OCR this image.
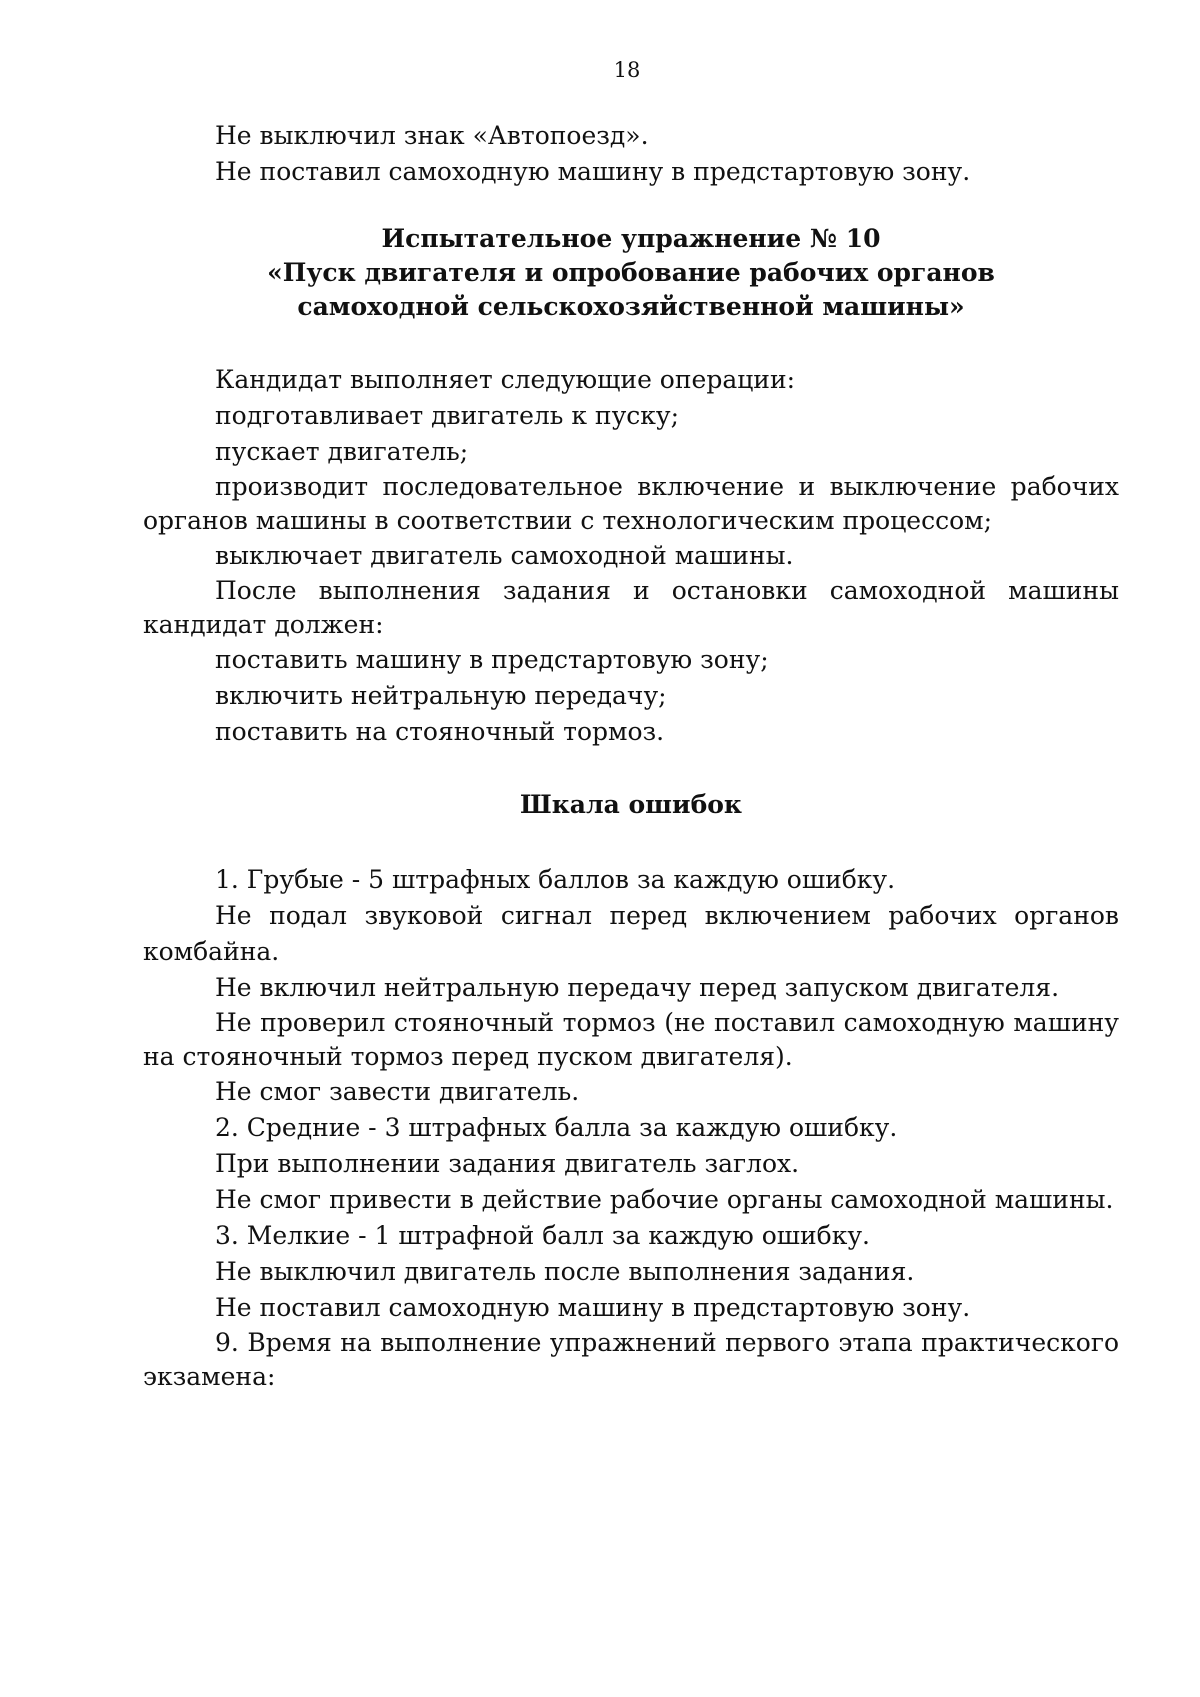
18

Не выключил знак «Автопоезд».

Не поставил самоходную машину в предстартовую зону.

Испытательное упражнение № 10

«Пуск двигателя и опробование рабочих органов

самоходной сельскохозяйственной машины»

Кандидат выполняет следующие операции:

подготавливает двигатель к пуску;

пускает двигатель;

производит последовательное включение и выключение рабочих органов машины в соответствии с технологическим процессом;

выключает двигатель самоходной машины.

После выполнения задания и остановки самоходной машины кандидат должен:

поставить машину в предстартовую зону;

включить нейтральную передачу;

поставить на стояночный тормоз.

Шкала ошибок

1. Грубые - 5 штрафных баллов за каждую ошибку.

Не подал звуковой сигнал перед включением рабочих органов комбайна.

Не включил нейтральную передачу перед запуском двигателя.

Не проверил стояночный тормоз (не поставил самоходную машину на стояночный тормоз перед пуском двигателя).

Не смог завести двигатель.

2. Средние - 3 штрафных балла за каждую ошибку.

При выполнении задания двигатель заглох.

Не смог привести в действие рабочие органы самоходной машины.

3. Мелкие - 1 штрафной балл за каждую ошибку.

Не выключил двигатель после выполнения задания.

Не поставил самоходную машину в предстартовую зону.

9. Время на выполнение упражнений первого этапа практического экзамена:
